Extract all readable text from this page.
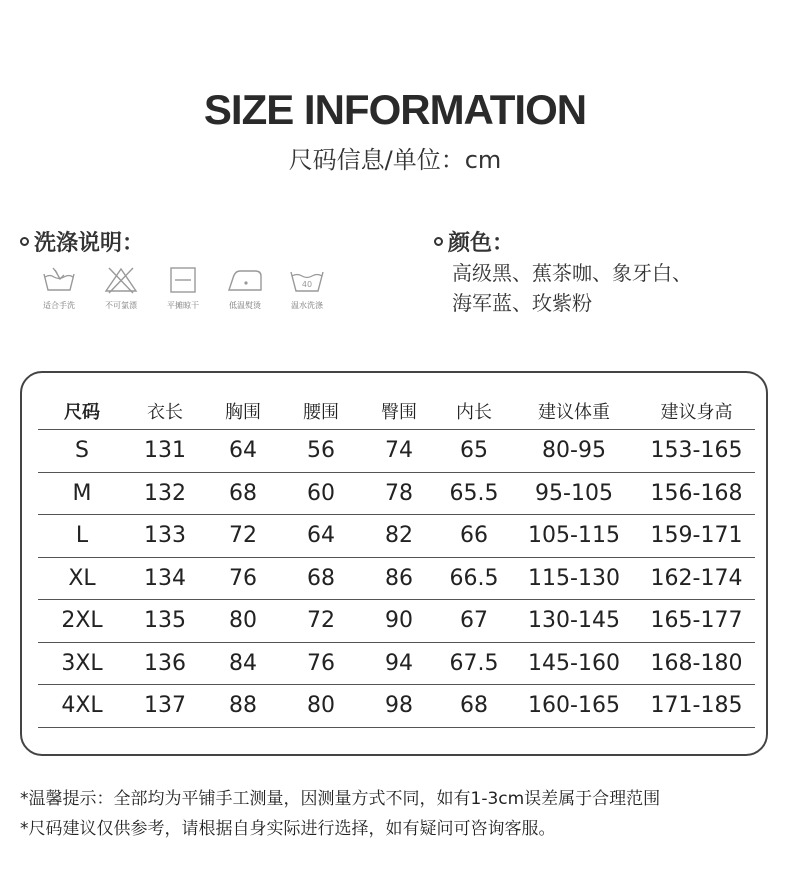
SIZE INFORMATION
尺码信息/单位：cm
洗涤说明：
适合手洗	不可氯漂	平摊晾干	低温熨烫
40
温水洗涤
颜色：
高级黑、蕉茶咖、象牙白、
海军蓝、玫紫粉
尺码	衣长	胸围	腰围	臀围	内长	建议体重	建议身高
S	131	64	56	74	65	80-95	153-165
M	132	68	60	78	65.5	95-105	156-168
L	133	72	64	82	66	105-115	159-171
XL	134	76	68	86	66.5	115-130	162-174
2XL	135	80	72	90	67	130-145	165-177
3XL	136	84	76	94	67.5	145-160	168-180
4XL	137	88	80	98	68	160-165	171-185
*温馨提示：全部均为平铺手工测量，因测量方式不同，如有1-3cm误差属于合理范围
*尺码建议仅供参考，请根据自身实际进行选择，如有疑问可咨询客服。
